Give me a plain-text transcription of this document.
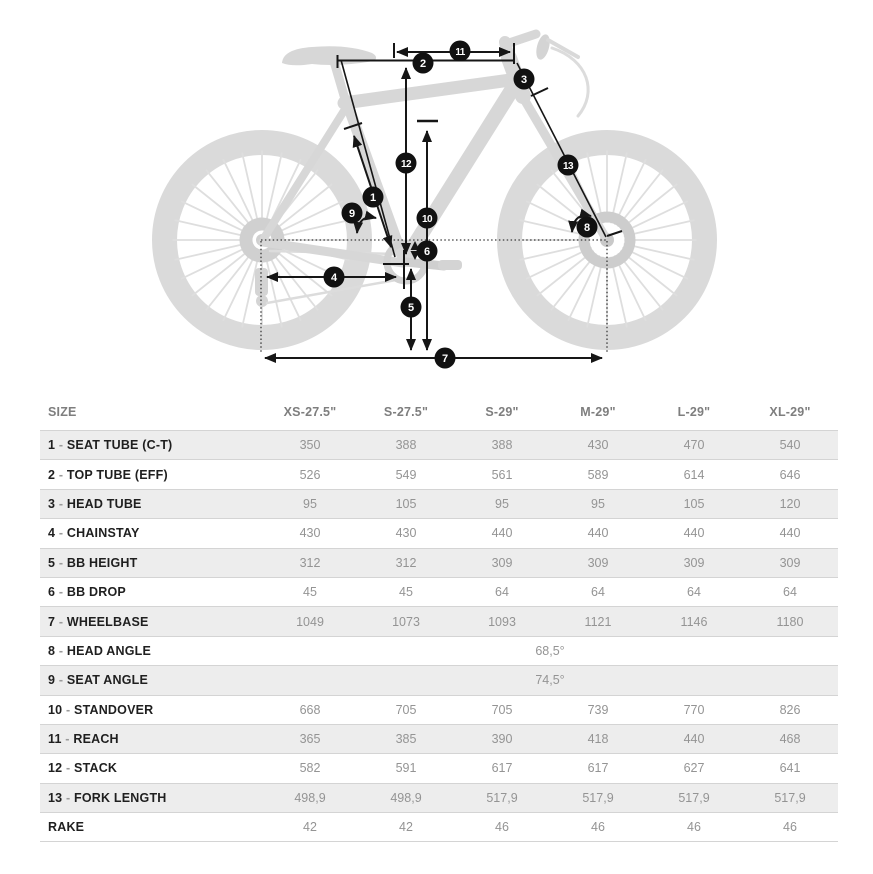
1
2
3
4
5
6
7
8
9	10
11
12	13
SIZE	XS-27.5"	S-27.5"	S-29"	M-29"	L-29"	XL-29"
1 - SEAT TUBE (C-T)	350	388	388	430	470	540
2 - TOP TUBE (EFF)	526	549	561	589	614	646
3 - HEAD TUBE	95	105	95	95	105	120
4 - CHAINSTAY	430	430	440	440	440	440
5 - BB HEIGHT	312	312	309	309	309	309
6 - BB DROP	45	45	64	64	64	64
7 - WHEELBASE	1049	1073	1093	1121	1146	1180
8 - HEAD ANGLE	68,5°					
9 - SEAT ANGLE	74,5°					
10 - STANDOVER	668	705	705	739	770	826
11 - REACH	365	385	390	418	440	468
12 - STACK	582	591	617	617	627	641
13 - FORK LENGTH	498,9	498,9	517,9	517,9	517,9	517,9
RAKE	42	42	46	46	46	46
